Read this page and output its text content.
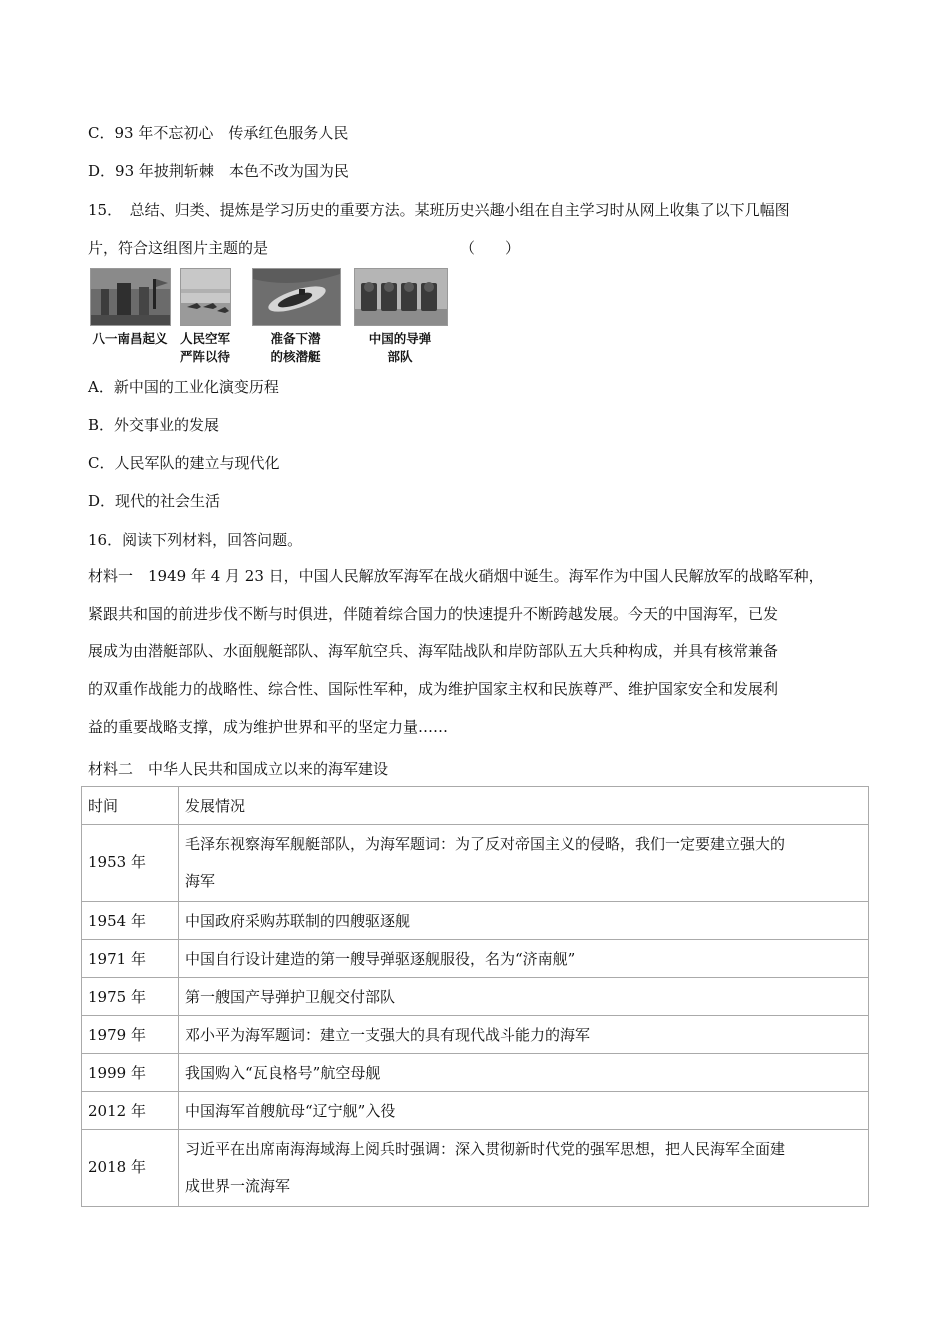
C．93 年不忘初心　传承红色服务人民
D．93 年披荆斩棘　本色不改为国为民
15．　总结、归类、提炼是学习历史的重要方法。某班历史兴趣小组在自主学习时从网上收集了以下几幅图
片，符合这组图片主题的是	（　　）
八一南昌起义 人民空军
严阵以待
准备下潜
的核潜艇
中国的导弹
部队
A．新中国的工业化演变历程
B．外交事业的发展
C．人民军队的建立与现代化
D．现代的社会生活
16．阅读下列材料，回答问题。
材料一　1949 年 4 月 23 日，中国人民解放军海军在战火硝烟中诞生。海军作为中国人民解放军的战略军种，
紧跟共和国的前进步伐不断与时俱进，伴随着综合国力的快速提升不断跨越发展。今天的中国海军，已发
展成为由潜艇部队、水面舰艇部队、海军航空兵、海军陆战队和岸防部队五大兵种构成，并具有核常兼备
的双重作战能力的战略性、综合性、国际性军种，成为维护国家主权和民族尊严、维护国家安全和发展利
益的重要战略支撑，成为维护世界和平的坚定力量……
材料二　中华人民共和国成立以来的海军建设
时间	发展情况
1953 年	毛泽东视察海军舰艇部队，为海军题词：为了反对帝国主义的侵略，我们一定要建立强大的
海军

1954 年	中国政府采购苏联制的四艘驱逐舰
1971 年	中国自行设计建造的第一艘导弹驱逐舰服役，名为“济南舰”
1975 年	第一艘国产导弹护卫舰交付部队
1979 年	邓小平为海军题词：建立一支强大的具有现代战斗能力的海军
1999 年	我国购入“瓦良格号”航空母舰
2012 年	中国海军首艘航母“辽宁舰”入役
2018 年	习近平在出席南海海域海上阅兵时强调：深入贯彻新时代党的强军思想，把人民海军全面建
成世界一流海军
